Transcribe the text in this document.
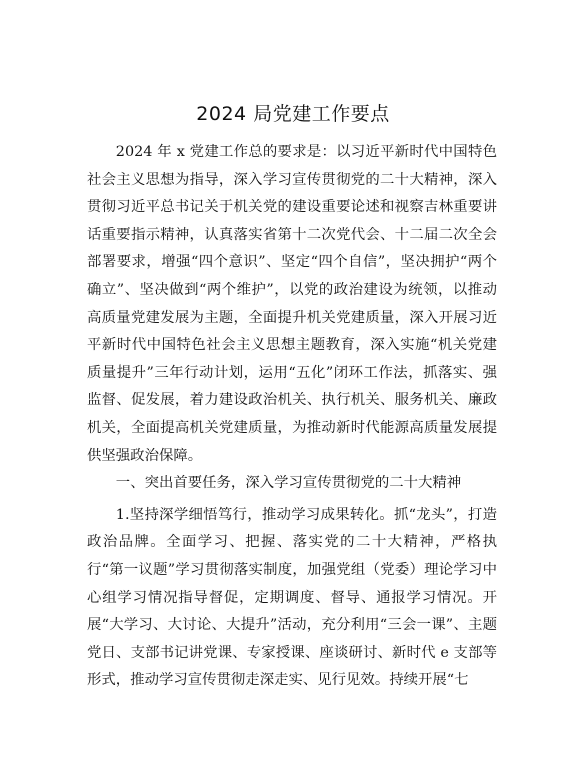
2024 局党建工作要点

2024 年 x 党建工作总的要求是：以习近平新时代中国特色社会主义思想为指导，深入学习宣传贯彻党的二十大精神，深入贯彻习近平总书记关于机关党的建设重要论述和视察吉林重要讲话重要指示精神，认真落实省第十二次党代会、十二届二次全会部署要求，增强“四个意识”、坚定“四个自信”，坚决拥护“两个确立”、坚决做到“两个维护”，以党的政治建设为统领，以推动高质量党建发展为主题，全面提升机关党建质量，深入开展习近平新时代中国特色社会主义思想主题教育，深入实施“机关党建质量提升”三年行动计划，运用“五化”闭环工作法，抓落实、强监督、促发展，着力建设政治机关、执行机关、服务机关、廉政机关，全面提高机关党建质量，为推动新时代能源高质量发展提供坚强政治保障。

一、突出首要任务，深入学习宣传贯彻党的二十大精神

1.坚持深学细悟笃行，推动学习成果转化。抓“龙头”，打造政治品牌。全面学习、把握、落实党的二十大精神，严格执行“第一议题”学习贯彻落实制度，加强党组（党委）理论学习中心组学习情况指导督促，定期调度、督导、通报学习情况。开展“大学习、大讨论、大提升”活动，充分利用“三会一课”、主题党日、支部书记讲党课、专家授课、座谈研讨、新时代 e 支部等形式，推动学习宣传贯彻走深走实、见行见效。持续开展“七
